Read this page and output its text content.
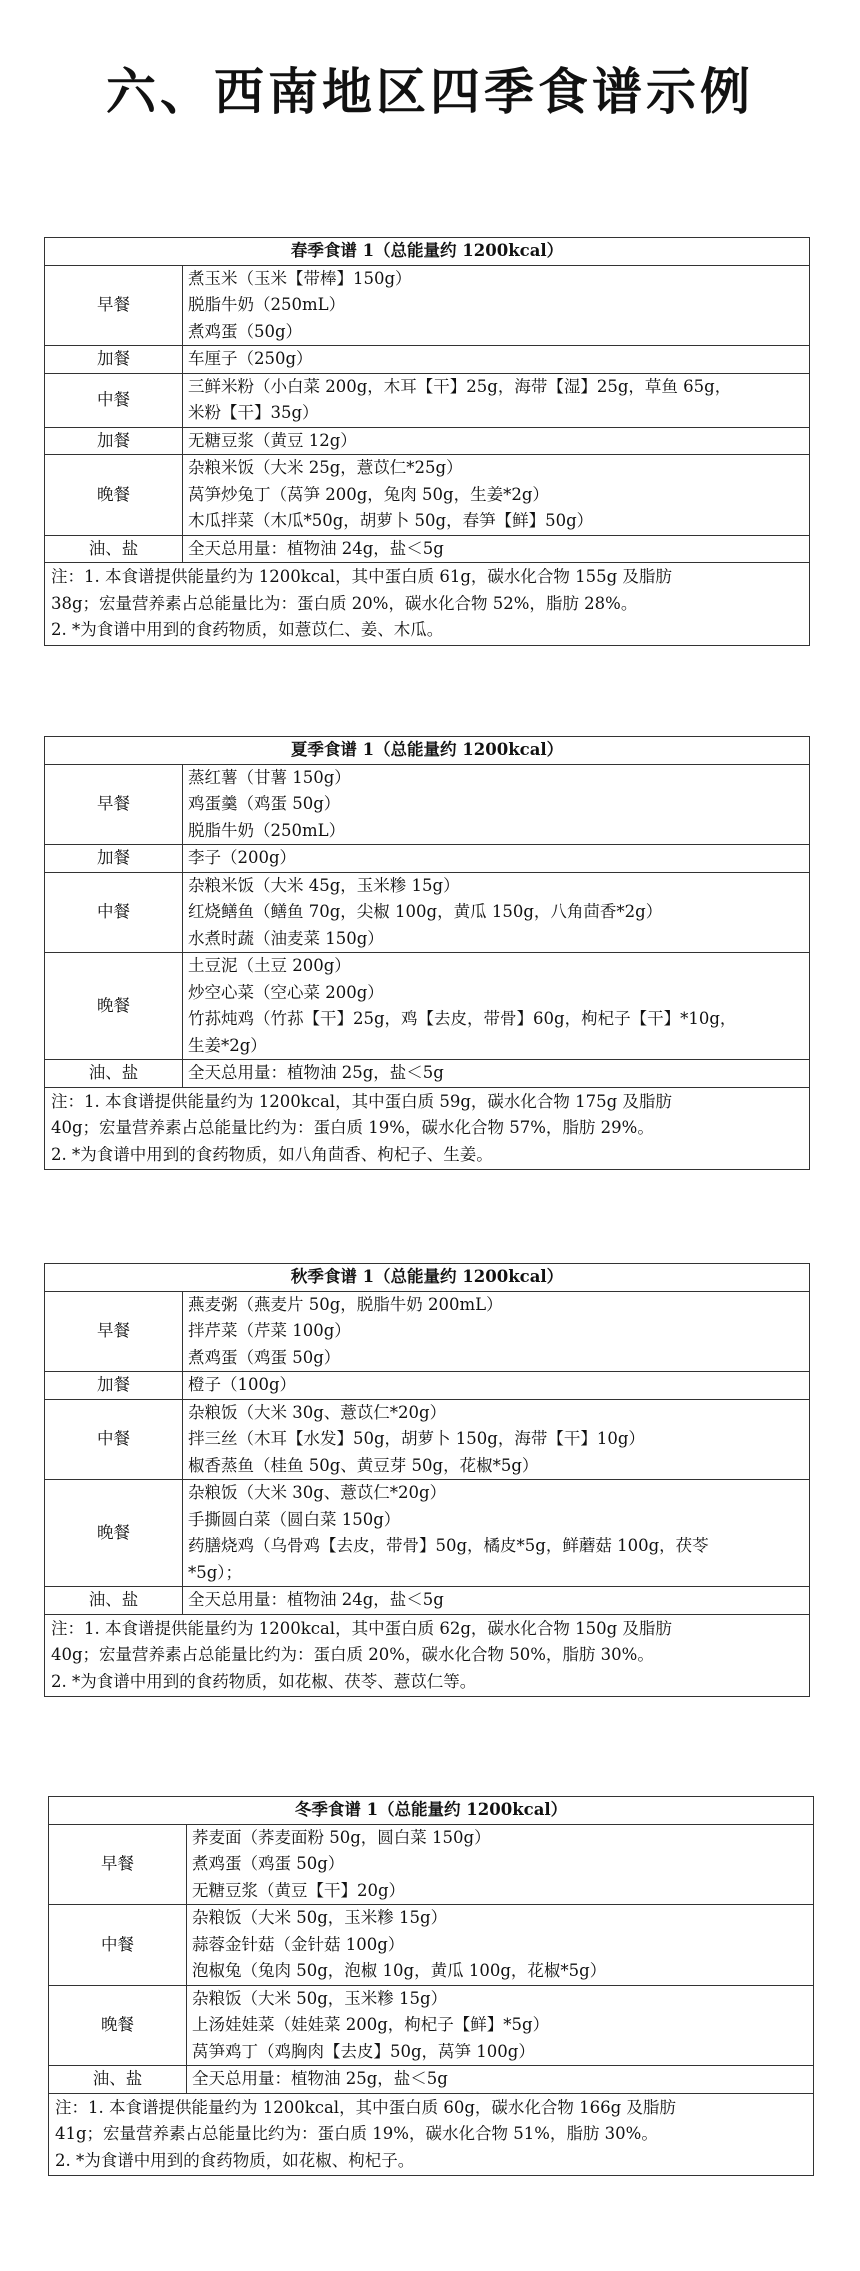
六、西南地区四季食谱示例
春季食谱 1（总能量约 1200kcal）	
早餐	煮玉米（玉米【带棒】150g）
脱脂牛奶（250mL）
煮鸡蛋（50g）

加餐	车厘子（250g）

中餐	三鲜米粉（小白菜 200g，木耳【干】25g，海带【湿】25g，草鱼 65g，
米粉【干】35g）

加餐	无糖豆浆（黄豆 12g）

晚餐	杂粮米饭（大米 25g，薏苡仁*25g）
莴笋炒兔丁（莴笋 200g，兔肉 50g，生姜*2g）
木瓜拌菜（木瓜*50g，胡萝卜 50g，春笋【鲜】50g）

油、盐	全天总用量：植物油 24g，盐＜5g

注：1. 本食谱提供能量约为 1200kcal，其中蛋白质 61g，碳水化合物 155g 及脂肪
38g；宏量营养素占总能量比为：蛋白质 20%，碳水化合物 52%，脂肪 28%。
2. *为食谱中用到的食药物质，如薏苡仁、姜、木瓜。	
夏季食谱 1（总能量约 1200kcal）	
早餐	蒸红薯（甘薯 150g）
鸡蛋羹（鸡蛋 50g）
脱脂牛奶（250mL）

加餐	李子（200g）

中餐	杂粮米饭（大米 45g，玉米糁 15g）
红烧鳝鱼（鳝鱼 70g，尖椒 100g，黄瓜 150g，八角茴香*2g）
水煮时蔬（油麦菜 150g）

晚餐	土豆泥（土豆 200g）
炒空心菜（空心菜 200g）
竹荪炖鸡（竹荪【干】25g，鸡【去皮，带骨】60g，枸杞子【干】*10g，
生姜*2g）

油、盐	全天总用量：植物油 25g，盐＜5g

注：1. 本食谱提供能量约为 1200kcal，其中蛋白质 59g，碳水化合物 175g 及脂肪
40g；宏量营养素占总能量比约为：蛋白质 19%，碳水化合物 57%，脂肪 29%。
2. *为食谱中用到的食药物质，如八角茴香、枸杞子、生姜。	
秋季食谱 1（总能量约 1200kcal）	
早餐	燕麦粥（燕麦片 50g，脱脂牛奶 200mL）
拌芹菜（芹菜 100g）
煮鸡蛋（鸡蛋 50g）

加餐	橙子（100g）

中餐	杂粮饭（大米 30g、薏苡仁*20g）
拌三丝（木耳【水发】50g，胡萝卜 150g，海带【干】10g）
椒香蒸鱼（桂鱼 50g、黄豆芽 50g，花椒*5g）

晚餐	杂粮饭（大米 30g、薏苡仁*20g）
手撕圆白菜（圆白菜 150g）
药膳烧鸡（乌骨鸡【去皮，带骨】50g，橘皮*5g，鲜蘑菇 100g，茯苓
*5g）；

油、盐	全天总用量：植物油 24g，盐＜5g

注：1. 本食谱提供能量约为 1200kcal，其中蛋白质 62g，碳水化合物 150g 及脂肪
40g；宏量营养素占总能量比约为：蛋白质 20%，碳水化合物 50%，脂肪 30%。
2. *为食谱中用到的食药物质，如花椒、茯苓、薏苡仁等。	
冬季食谱 1（总能量约 1200kcal）	
早餐	荞麦面（荞麦面粉 50g，圆白菜 150g）
煮鸡蛋（鸡蛋 50g）
无糖豆浆（黄豆【干】20g）

中餐	杂粮饭（大米 50g，玉米糁 15g）
蒜蓉金针菇（金针菇 100g）
泡椒兔（兔肉 50g，泡椒 10g，黄瓜 100g，花椒*5g）

晚餐	杂粮饭（大米 50g，玉米糁 15g）
上汤娃娃菜（娃娃菜 200g，枸杞子【鲜】*5g）
莴笋鸡丁（鸡胸肉【去皮】50g，莴笋 100g）

油、盐	全天总用量：植物油 25g，盐＜5g

注：1. 本食谱提供能量约为 1200kcal，其中蛋白质 60g，碳水化合物 166g 及脂肪
41g；宏量营养素占总能量比约为：蛋白质 19%，碳水化合物 51%，脂肪 30%。
2. *为食谱中用到的食药物质，如花椒、枸杞子。	
